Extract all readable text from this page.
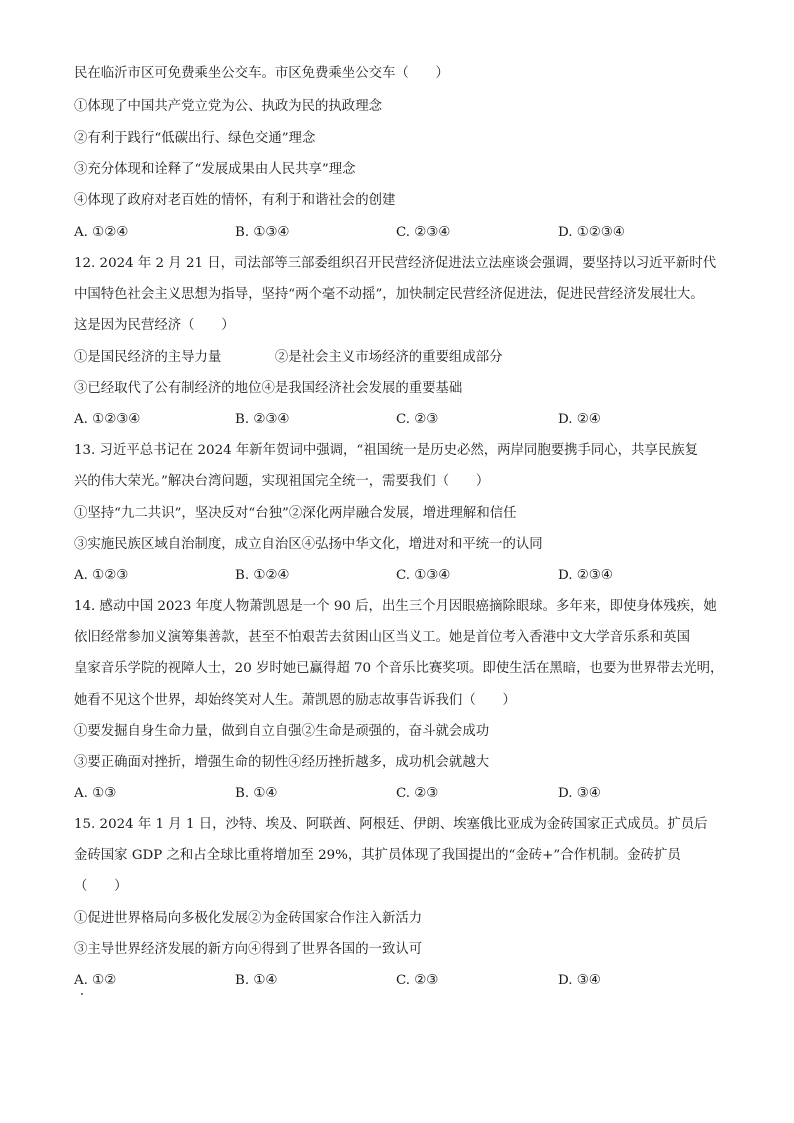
民在临沂市区可免费乘坐公交车。市区免费乘坐公交车（　　）
①体现了中国共产党立党为公、执政为民的执政理念
②有利于践行“低碳出行、绿色交通”理念
③充分体现和诠释了“发展成果由人民共享”理念
④体现了政府对老百姓的情怀，有利于和谐社会的创建
A. ①②④	B. ①③④	C. ②③④	D. ①②③④
12. 2024 年 2 月 21 日，司法部等三部委组织召开民营经济促进法立法座谈会强调，要坚持以习近平新时代
中国特色社会主义思想为指导，坚持“两个毫不动摇”，加快制定民营经济促进法，促进民营经济发展壮大。
这是因为民营经济（　　）
①是国民经济的主导力量　　　　②是社会主义市场经济的重要组成部分
③已经取代了公有制经济的地位④是我国经济社会发展的重要基础
A. ①②③④	B. ②③④	C. ②③	D. ②④
13. 习近平总书记在 2024 年新年贺词中强调，“祖国统一是历史必然，两岸同胞要携手同心，共享民族复
兴的伟大荣光。”解决台湾问题，实现祖国完全统一，需要我们（　　）
①坚持“九二共识”，坚决反对“台独”②深化两岸融合发展，增进理解和信任
③实施民族区域自治制度，成立自治区④弘扬中华文化，增进对和平统一的认同
A. ①②③	B. ①②④	C. ①③④	D. ②③④
14. 感动中国 2023 年度人物萧凯恩是一个 90 后，出生三个月因眼癌摘除眼球。多年来，即使身体残疾，她
依旧经常参加义演筹集善款，甚至不怕艰苦去贫困山区当义工。她是首位考入香港中文大学音乐系和英国
皇家音乐学院的视障人士，20 岁时她已赢得超 70 个音乐比赛奖项。即使生活在黑暗，也要为世界带去光明，
她看不见这个世界，却始终笑对人生。萧凯恩的励志故事告诉我们（　　）
①要发掘自身生命力量，做到自立自强②生命是顽强的，奋斗就会成功
③要正确面对挫折，增强生命的韧性④经历挫折越多，成功机会就越大
A. ①③	B. ①④	C. ②③	D. ③④
15. 2024 年 1 月 1 日，沙特、埃及、阿联酋、阿根廷、伊朗、埃塞俄比亚成为金砖国家正式成员。扩员后
金砖国家 GDP 之和占全球比重将增加至 29%，其扩员体现了我国提出的“金砖+”合作机制。金砖扩员
（　　）
①促进世界格局向多极化发展②为金砖国家合作注入新活力
③主导世界经济发展的新方向④得到了世界各国的一致认可
A. ①②	B. ①④	C. ②③	D. ③④
